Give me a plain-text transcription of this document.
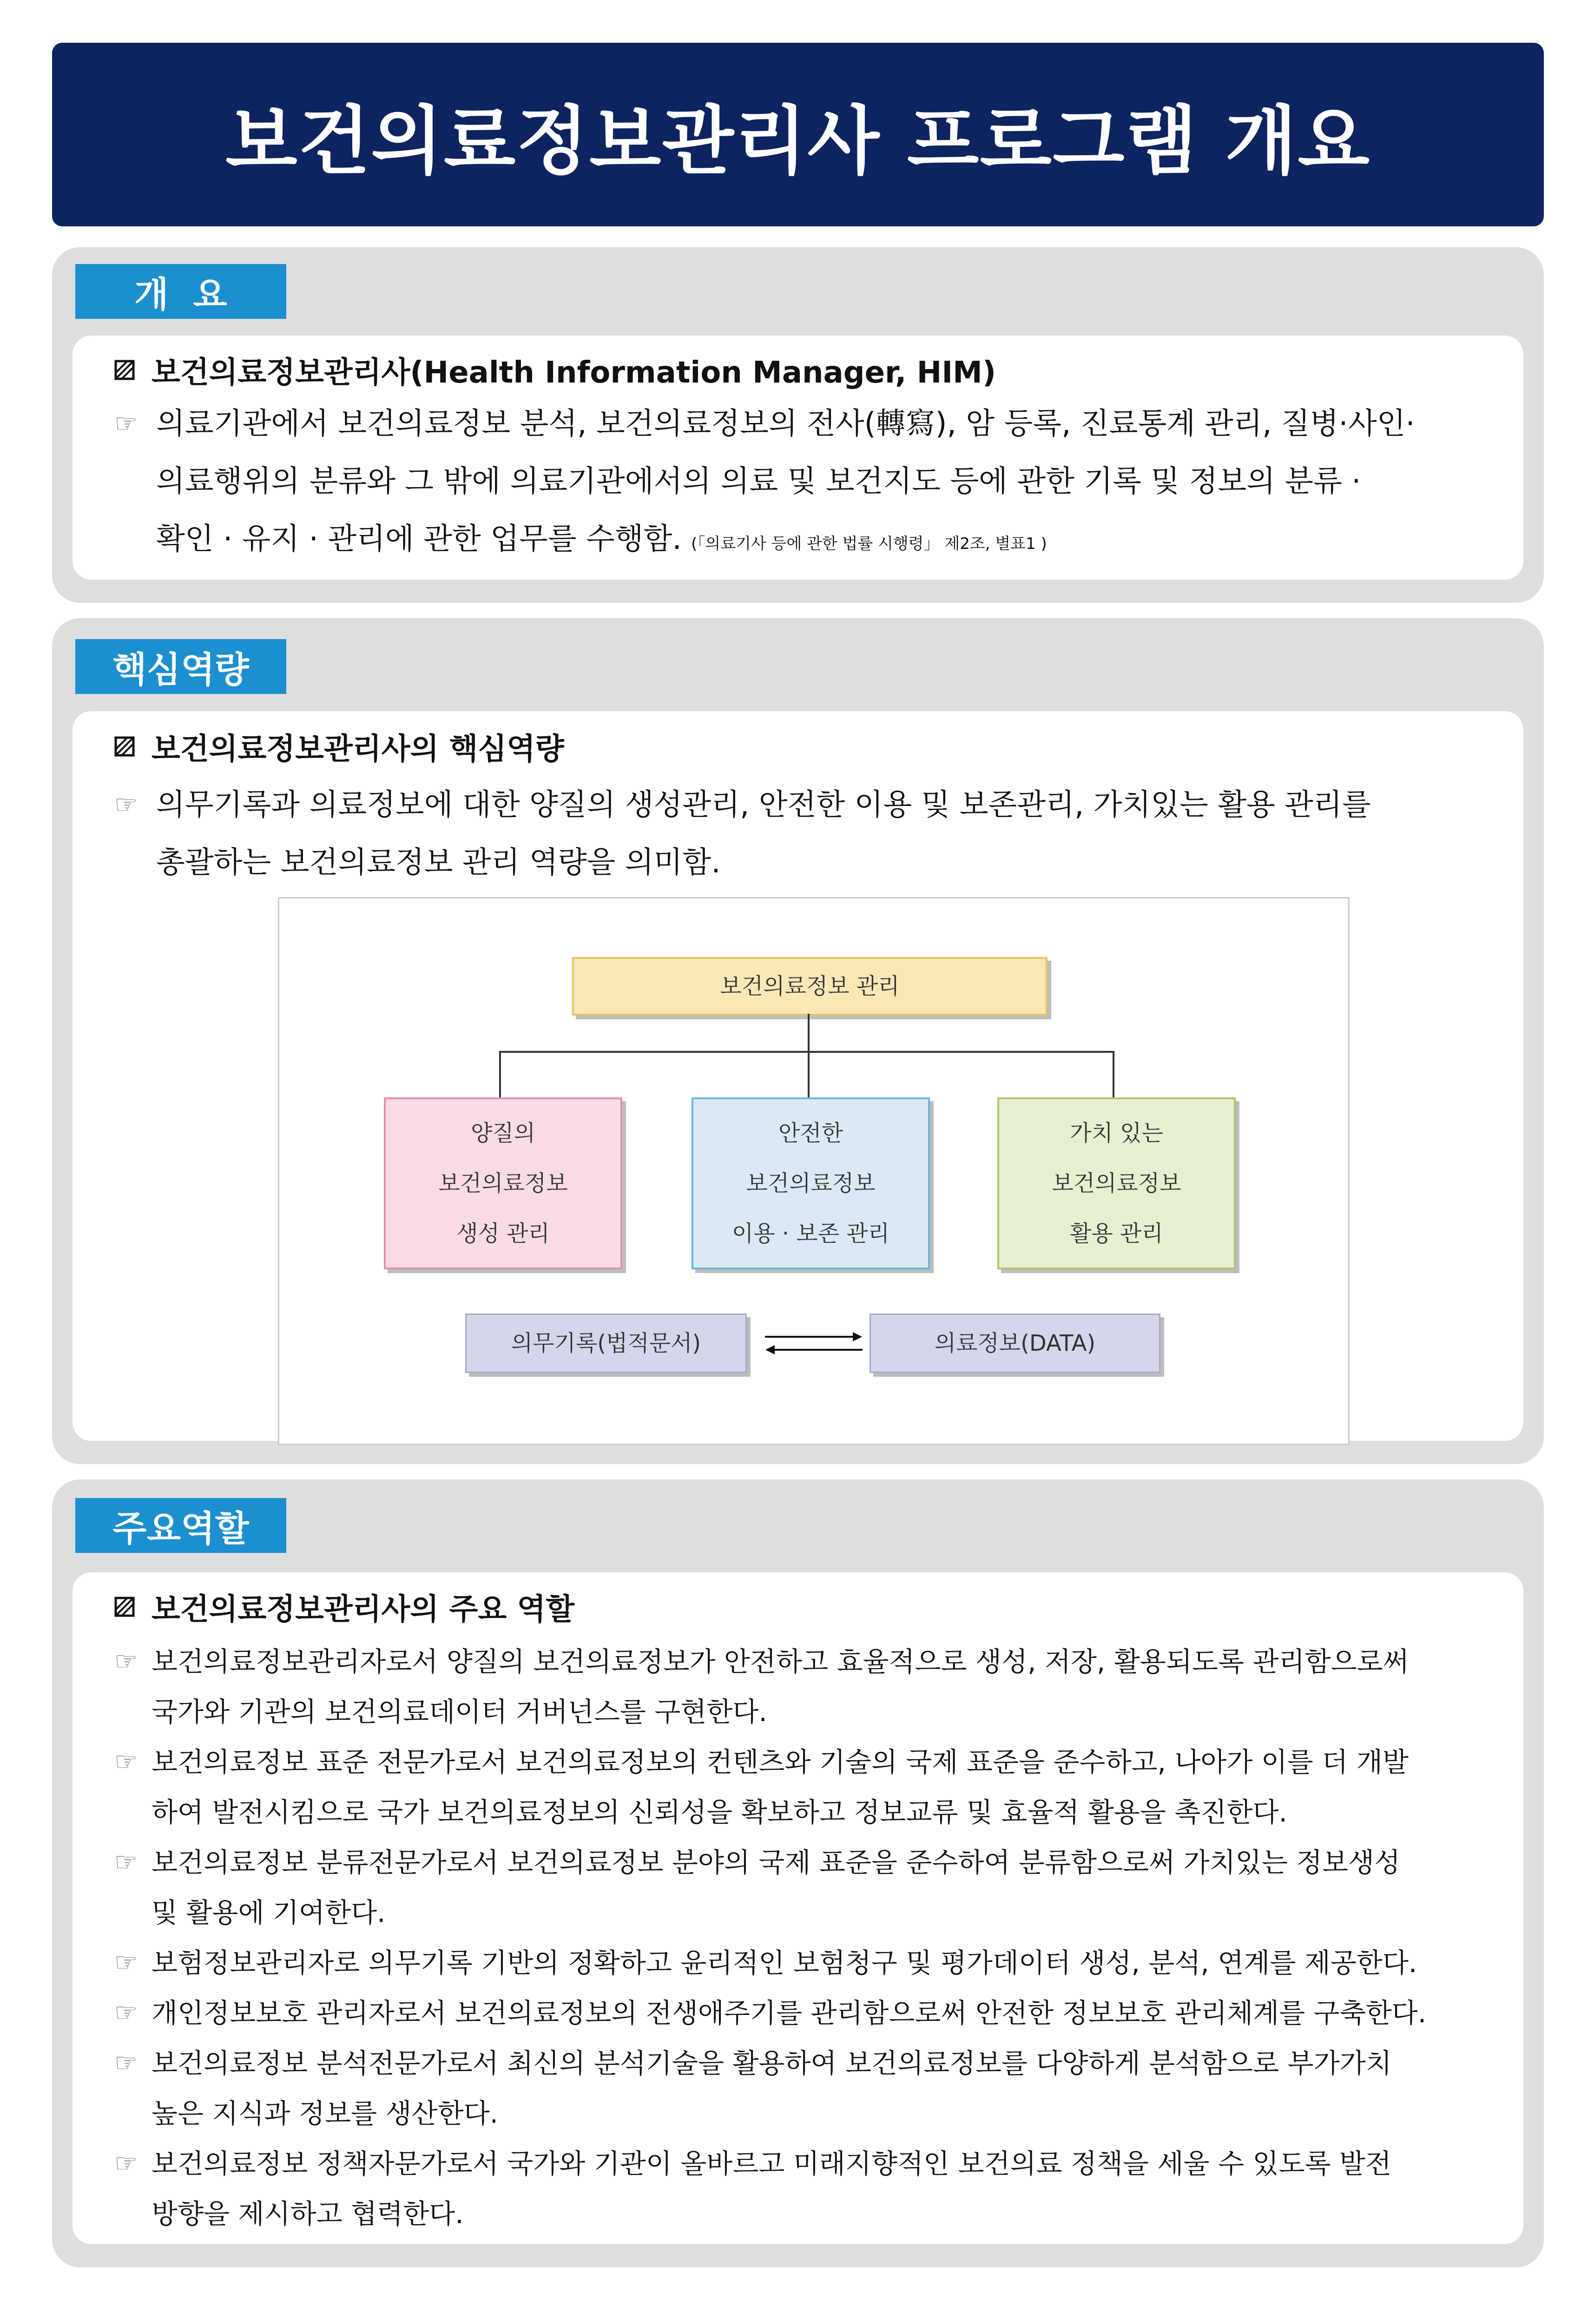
보건의료정보관리사 프로그램 개요
보건의료정보관리사(Health Information Manager, HIM)
☞ 의료기관에서 보건의료정보 분석, 보건의료정보의 전사(轉寫), 암 등록, 진료통계 관리, 질병·사인·
의료행위의 분류와 그 밖에 의료기관에서의 의료 및 보건지도 등에 관한 기록 및 정보의 분류 ·
확인 · 유지 · 관리에 관한 업무를 수행함. (「의료기사 등에 관한 법률 시행령」 제2조, 별표1 )
개  요
보건의료정보관리사의 핵심역량
☞ 의무기록과 의료정보에 대한 양질의 생성관리, 안전한 이용 및 보존관리, 가치있는 활용 관리를
총괄하는 보건의료정보 관리 역량을 의미함.
보건의료정보 관리
양질의
보건의료정보
생성 관리
안전한
보건의료정보
이용 · 보존 관리
가치 있는
보건의료정보
활용 관리
의무기록(법적문서)	의료정보(DATA)
핵심역량
보건의료정보관리사의 주요 역할
☞ 보건의료정보관리자로서 양질의 보건의료정보가 안전하고 효율적으로 생성, 저장, 활용되도록 관리함으로써
국가와 기관의 보건의료데이터 거버넌스를 구현한다.
☞ 보건의료정보 표준 전문가로서 보건의료정보의 컨텐츠와 기술의 국제 표준을 준수하고, 나아가 이를 더 개발
하여 발전시킴으로 국가 보건의료정보의 신뢰성을 확보하고 정보교류 및 효율적 활용을 촉진한다.
☞ 보건의료정보 분류전문가로서 보건의료정보 분야의 국제 표준을 준수하여 분류함으로써 가치있는 정보생성
및 활용에 기여한다.
☞ 보험정보관리자로 의무기록 기반의 정확하고 윤리적인 보험청구 및 평가데이터 생성, 분석, 연계를 제공한다.
☞ 개인정보보호 관리자로서 보건의료정보의 전생애주기를 관리함으로써 안전한 정보보호 관리체계를 구축한다.
☞ 보건의료정보 분석전문가로서 최신의 분석기술을 활용하여 보건의료정보를 다양하게 분석함으로 부가가치
높은 지식과 정보를 생산한다.
☞ 보건의료정보 정책자문가로서 국가와 기관이 올바르고 미래지향적인 보건의료 정책을 세울 수 있도록 발전
방향을 제시하고 협력한다.
주요역할
